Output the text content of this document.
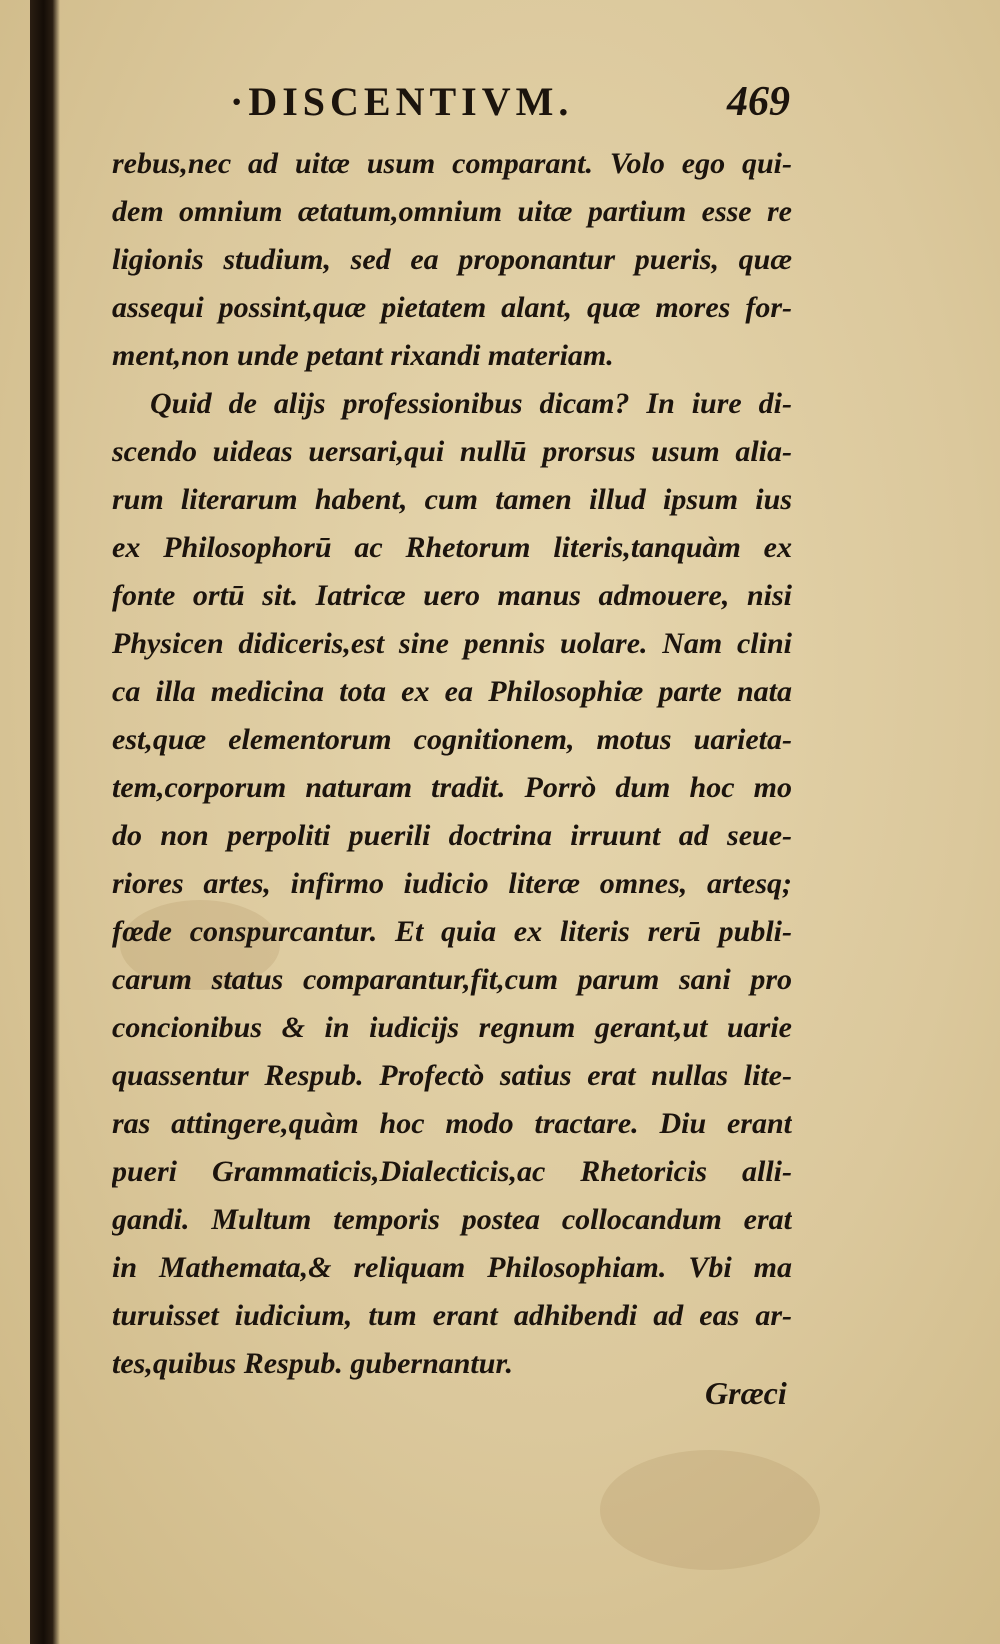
·DISCENTIVM.	469
rebus,nec ad uitæ usum comparant. Volo ego qui-
dem omnium ætatum,omnium uitæ partium esse re
ligionis studium, sed ea proponantur pueris, quæ
assequi possint,quæ pietatem alant, quæ mores for-
ment,non unde petant rixandi materiam.
Quid de alijs professionibus dicam? In iure di-
scendo uideas uersari,qui nullū prorsus usum alia-
rum literarum habent, cum tamen illud ipsum ius
ex Philosophorū ac Rhetorum literis,tanquàm ex
fonte ortū sit. Iatricæ uero manus admouere, nisi
Physicen didiceris,est sine pennis uolare. Nam clini
ca illa medicina tota ex ea Philosophiæ parte nata
est,quæ elementorum cognitionem, motus uarieta-
tem,corporum naturam tradit. Porrò dum hoc mo
do non perpoliti puerili doctrina irruunt ad seue-
riores artes, infirmo iudicio literæ omnes, artesq;
fœde conspurcantur. Et quia ex literis rerū publi-
carum status comparantur,fit,cum parum sani pro
concionibus & in iudicijs regnum gerant,ut uarie
quassentur Respub. Profectò satius erat nullas lite-
ras attingere,quàm hoc modo tractare. Diu erant
pueri Grammaticis,Dialecticis,ac Rhetoricis alli-
gandi. Multum temporis postea collocandum erat
in Mathemata,& reliquam Philosophiam. Vbi ma
turuisset iudicium, tum erant adhibendi ad eas ar-
tes,quibus Respub. gubernantur.
Græci
